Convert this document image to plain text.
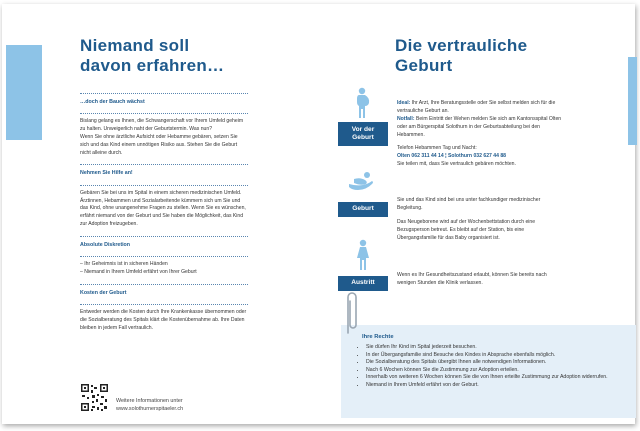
Niemand soll
davon erfahren…

…doch der Bauch wächst

Bislang gelang es Ihnen, die Schwangerschaft vor Ihrem Umfeld geheim zu halten. Unweigerlich naht der Geburtstermin. Was nun?

Wenn Sie ohne ärztliche Aufsicht oder Hebamme gebären, setzen Sie sich und das Kind einem unnötigen Risiko aus. Stehen Sie die Geburt nicht alleine durch.

Nehmen Sie Hilfe an!

Gebären Sie bei uns im Spital in einem sicheren medizinischen Umfeld. Ärztinnen, Hebammen und Sozialarbeitende kümmern sich um Sie und das Kind, ohne unangenehme Fragen zu stellen. Wenn Sie es wünschen, erfährt niemand von der Geburt und Sie haben die Möglichkeit, das Kind zur Adoption freizugeben.

Absolute Diskretion

– Ihr Geheimnis ist in sicheren Händen

– Niemand in Ihrem Umfeld erfährt von Ihrer Geburt

Kosten der Geburt

Entweder werden die Kosten durch Ihre Krankenkasse übernommen oder die Sozialberatung des Spitals klärt die Kostenübernahme ab. Ihre Daten bleiben in jedem Fall vertraulich.

Weitere Informationen unter
www.solothurnerspitaeler.ch
Die vertrauliche
Geburt
Vor der
Geburt

Ideal: Ihr Arzt, Ihre Beratungsstelle oder Sie selbst melden sich für die vertrauliche Geburt an.

Notfall: Beim Eintritt der Wehen melden Sie sich am Kantonsspital Olten oder am Bürgerspital Solothurn in der Geburtsabteilung bei den Hebammen.

Telefon Hebammen Tag und Nacht:

Olten 062 311 44 14 ¦ Solothurn 032 627 44 88

Sie teilen mit, dass Sie vertraulich gebären möchten.

Geburt

Sie und das Kind sind bei uns unter fachkundiger medizinischer Begleitung.

Das Neugeborene wird auf der Wochenbettstation durch eine Bezugsperson betreut. Es bleibt auf der Station, bis eine Übergangsfamilie für das Baby organisiert ist.

Austritt

Wenn es Ihr Gesundheitszustand erlaubt, können Sie bereits nach wenigen Stunden die Klinik verlassen.

Ihre Rechte

• Sie dürfen Ihr Kind im Spital jederzeit besuchen.
• In der Übergangsfamilie sind Besuche des Kindes in Absprache ebenfalls möglich.
• Die Sozialberatung des Spitals übergibt Ihnen alle notwendigen Informationen.
• Nach 6 Wochen können Sie die Zustimmung zur Adoption erteilen.
• Innerhalb von weiteren 6 Wochen können Sie die von Ihnen erteilte Zustimmung zur Adoption widerrufen.
• Niemand in Ihrem Umfeld erfährt von der Geburt.
